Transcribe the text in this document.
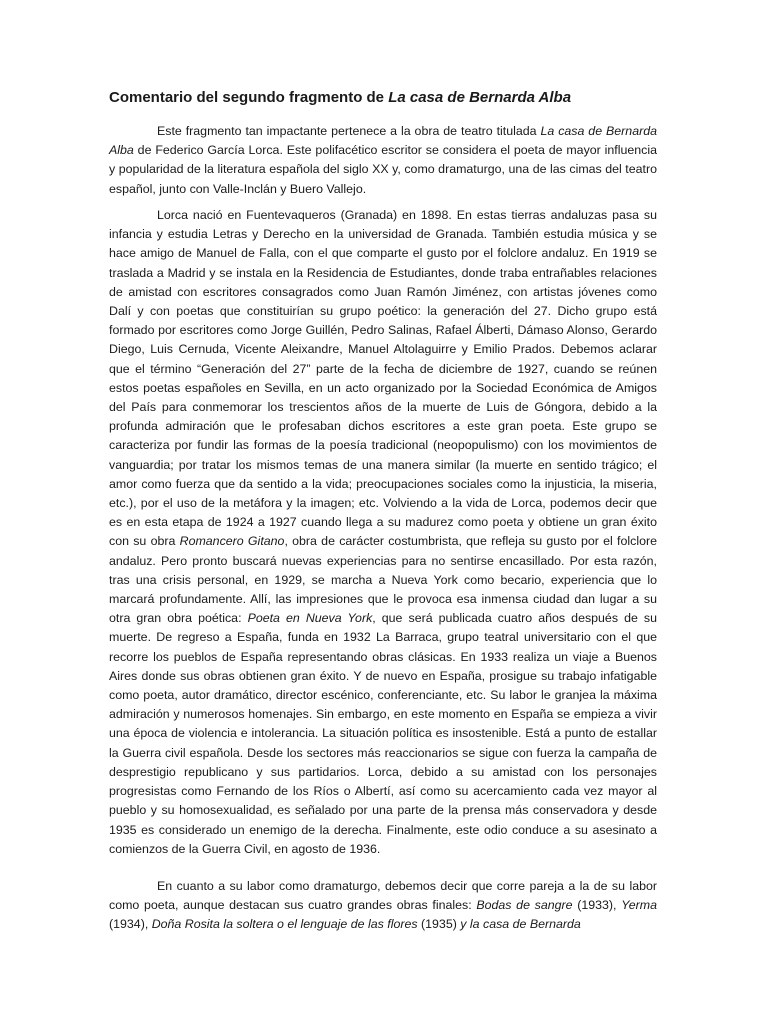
Comentario del segundo fragmento de La casa de Bernarda Alba

Este fragmento tan impactante pertenece a la obra de teatro titulada La casa de Bernarda Alba de Federico García Lorca. Este polifacético escritor se considera el poeta de mayor influencia y popularidad de la literatura española del siglo XX y, como dramaturgo, una de las cimas del teatro español, junto con Valle-Inclán y Buero Vallejo.

Lorca nació en Fuentevaqueros (Granada) en 1898. En estas tierras andaluzas pasa su infancia y estudia Letras y Derecho en la universidad de Granada. También estudia música y se hace amigo de Manuel de Falla, con el que comparte el gusto por el folclore andaluz. En 1919 se traslada a Madrid y se instala en la Residencia de Estudiantes, donde traba entrañables relaciones de amistad con escritores consagrados como Juan Ramón Jiménez, con artistas jóvenes como Dalí y con poetas que constituirían su grupo poético: la generación del 27. Dicho grupo está formado por escritores como Jorge Guillén, Pedro Salinas, Rafael Álberti, Dámaso Alonso, Gerardo Diego, Luis Cernuda, Vicente Aleixandre, Manuel Altolaguirre y Emilio Prados. Debemos aclarar que el término “Generación del 27” parte de la fecha de diciembre de 1927, cuando se reúnen estos poetas españoles en Sevilla, en un acto organizado por la Sociedad Económica de Amigos del País para conmemorar los trescientos años de la muerte de Luis de Góngora, debido a la profunda admiración que le profesaban dichos escritores a este gran poeta. Este grupo se caracteriza por fundir las formas de la poesía tradicional (neopopulismo) con los movimientos de vanguardia; por tratar los mismos temas de una manera similar (la muerte en sentido trágico; el amor como fuerza que da sentido a la vida; preocupaciones sociales como la injusticia, la miseria, etc.), por el uso de la metáfora y la imagen; etc. Volviendo a la vida de Lorca, podemos decir que es en esta etapa de 1924 a 1927 cuando llega a su madurez como poeta y obtiene un gran éxito con su obra Romancero Gitano, obra de carácter costumbrista, que refleja su gusto por el folclore andaluz. Pero pronto buscará nuevas experiencias para no sentirse encasillado. Por esta razón, tras una crisis personal, en 1929, se marcha a Nueva York como becario, experiencia que lo marcará profundamente. Allí, las impresiones que le provoca esa inmensa ciudad dan lugar a su otra gran obra poética: Poeta en Nueva York, que será publicada cuatro años después de su muerte. De regreso a España, funda en 1932 La Barraca, grupo teatral universitario con el que recorre los pueblos de España representando obras clásicas. En 1933 realiza un viaje a Buenos Aires donde sus obras obtienen gran éxito. Y de nuevo en España, prosigue su trabajo infatigable como poeta, autor dramático, director escénico, conferenciante, etc. Su labor le granjea la máxima admiración y numerosos homenajes. Sin embargo, en este momento en España se empieza a vivir una época de violencia e intolerancia. La situación política es insostenible. Está a punto de estallar la Guerra civil española. Desde los sectores más reaccionarios se sigue con fuerza la campaña de desprestigio republicano y sus partidarios. Lorca, debido a su amistad con los personajes progresistas como Fernando de los Ríos o Albertí, así como su acercamiento cada vez mayor al pueblo y su homosexualidad, es señalado por una parte de la prensa más conservadora y desde 1935 es considerado un enemigo de la derecha. Finalmente, este odio conduce a su asesinato a comienzos de la Guerra Civil, en agosto de 1936.

En cuanto a su labor como dramaturgo, debemos decir que corre pareja a la de su labor como poeta, aunque destacan sus cuatro grandes obras finales: Bodas de sangre (1933), Yerma (1934), Doña Rosita la soltera o el lenguaje de las flores (1935) y la casa de Bernarda
